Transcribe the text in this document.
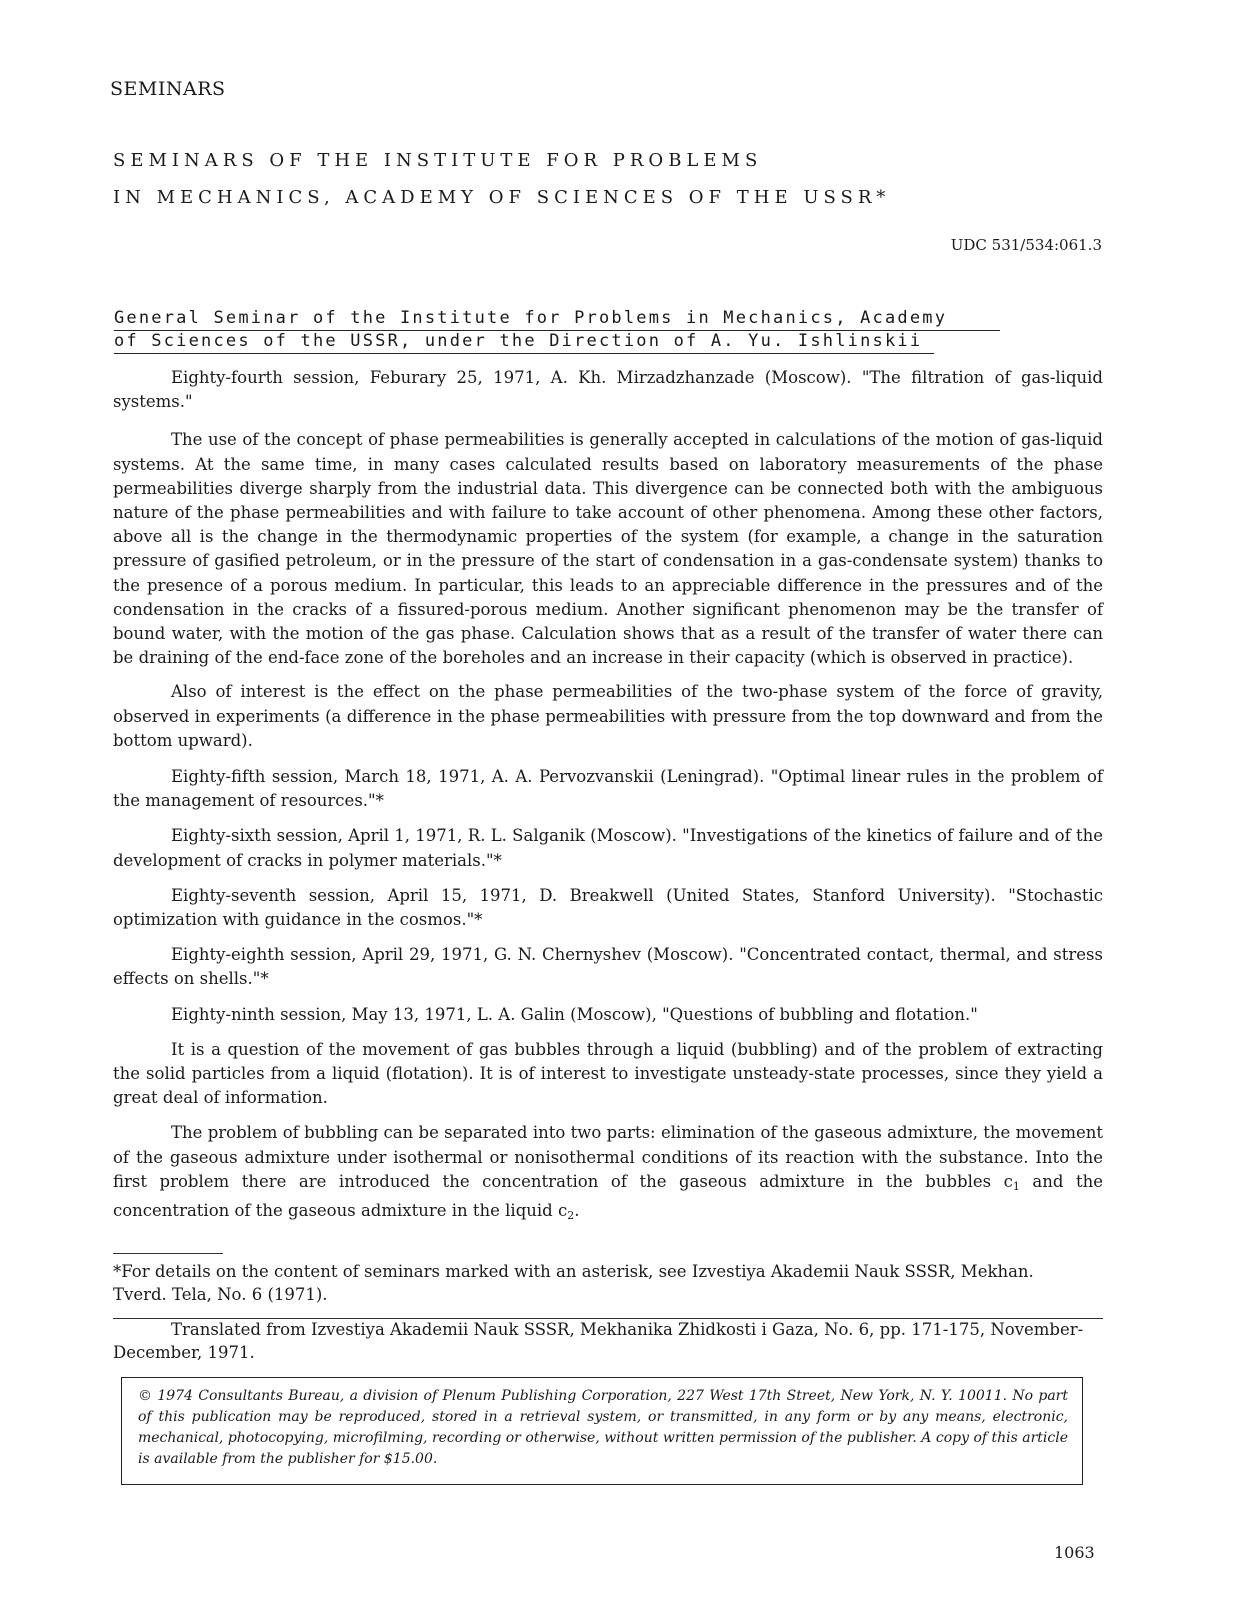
SEMINARS
SEMINARS OF THE INSTITUTE FOR PROBLEMS
IN MECHANICS, ACADEMY OF SCIENCES OF THE USSR*
UDC 531/534:061.3
General Seminar of the Institute for Problems in Mechanics, Academy
of Sciences of the USSR, under the Direction of A. Yu. Ishlinskii

Eighty-fourth session, Feburary 25, 1971, A. Kh. Mirzadzhanzade (Moscow). "The filtration of gas-liquid systems."

The use of the concept of phase permeabilities is generally accepted in calculations of the motion of gas-liquid systems. At the same time, in many cases calculated results based on laboratory measurements of the phase permeabilities diverge sharply from the industrial data. This divergence can be connected both with the ambiguous nature of the phase permeabilities and with failure to take account of other phenomena. Among these other factors, above all is the change in the thermodynamic properties of the system (for example, a change in the saturation pressure of gasified petroleum, or in the pressure of the start of condensation in a gas-condensate system) thanks to the presence of a porous medium. In particular, this leads to an appreciable difference in the pressures and of the condensation in the cracks of a fissured-porous medium. Another significant phenomenon may be the transfer of bound water, with the motion of the gas phase. Calculation shows that as a result of the transfer of water there can be draining of the end-face zone of the boreholes and an increase in their capacity (which is observed in practice).

Also of interest is the effect on the phase permeabilities of the two-phase system of the force of gravity, observed in experiments (a difference in the phase permeabilities with pressure from the top downward and from the bottom upward).

Eighty-fifth session, March 18, 1971, A. A. Pervozvanskii (Leningrad). "Optimal linear rules in the problem of the management of resources."*

Eighty-sixth session, April 1, 1971, R. L. Salganik (Moscow). "Investigations of the kinetics of failure and of the development of cracks in polymer materials."*

Eighty-seventh session, April 15, 1971, D. Breakwell (United States, Stanford University). "Stochastic optimization with guidance in the cosmos."*

Eighty-eighth session, April 29, 1971, G. N. Chernyshev (Moscow). "Concentrated contact, thermal, and stress effects on shells."*

Eighty-ninth session, May 13, 1971, L. A. Galin (Moscow), "Questions of bubbling and flotation."

It is a question of the movement of gas bubbles through a liquid (bubbling) and of the problem of extracting the solid particles from a liquid (flotation). It is of interest to investigate unsteady-state processes, since they yield a great deal of information.

The problem of bubbling can be separated into two parts: elimination of the gaseous admixture, the movement of the gaseous admixture under isothermal or nonisothermal conditions of its reaction with the substance. Into the first problem there are introduced the concentration of the gaseous admixture in the bubbles $c_1$ and the concentration of the gaseous admixture in the liquid $c_2$.

*For details on the content of seminars marked with an asterisk, see Izvestiya Akademii Nauk SSSR, Mekhan. Tverd. Tela, No. 6 (1971).

Translated from Izvestiya Akademii Nauk SSSR, Mekhanika Zhidkosti i Gaza, No. 6, pp. 171-175, November-December, 1971.

© 1974 Consultants Bureau, a division of Plenum Publishing Corporation, 227 West 17th Street, New York, N. Y. 10011. No part of this publication may be reproduced, stored in a retrieval system, or transmitted, in any form or by any means, electronic, mechanical, photocopying, microfilming, recording or otherwise, without written permission of the publisher. A copy of this article is available from the publisher for $15.00.
1063
